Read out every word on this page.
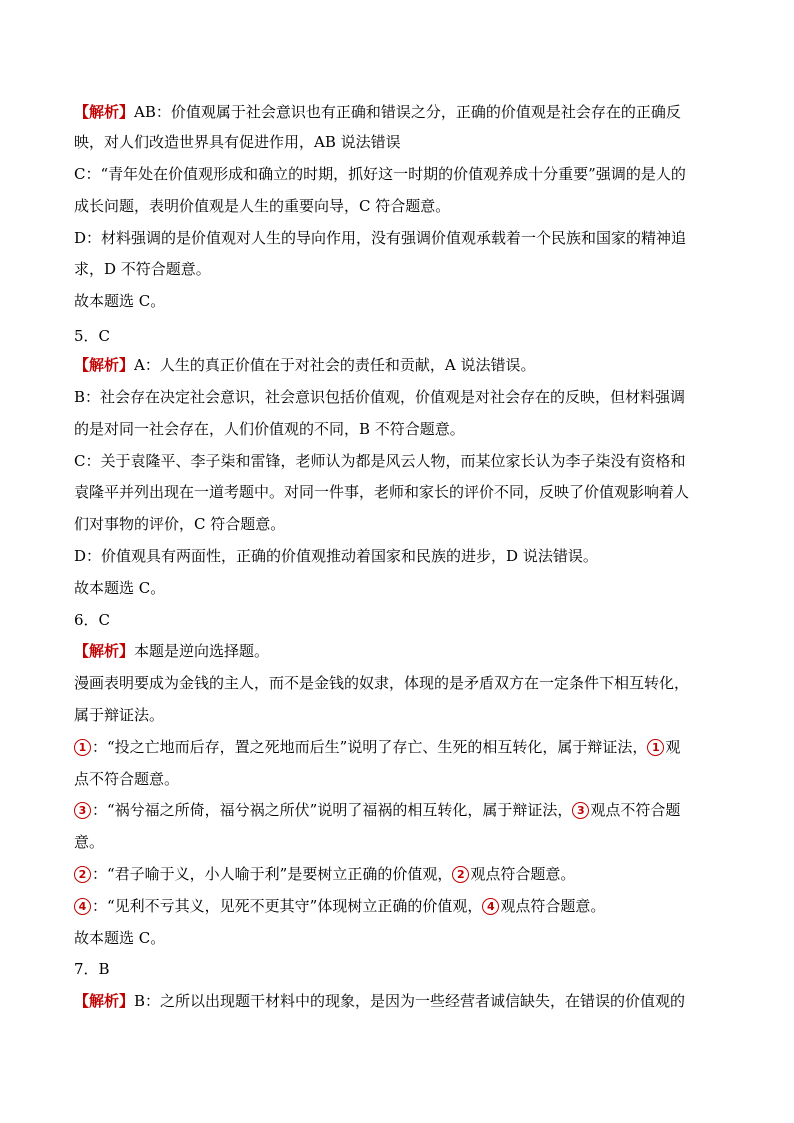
【解析】AB：价值观属于社会意识也有正确和错误之分，正确的价值观是社会存在的正确反
映，对人们改造世界具有促进作用，AB 说法错误
C：“青年处在价值观形成和确立的时期，抓好这一时期的价值观养成十分重要”强调的是人的
成长问题，表明价值观是人生的重要向导，C 符合题意。
D：材料强调的是价值观对人生的导向作用，没有强调价值观承载着一个民族和国家的精神追
求，D 不符合题意。
故本题选 C。
5．C
【解析】A：人生的真正价值在于对社会的责任和贡献，A 说法错误。
B：社会存在决定社会意识，社会意识包括价值观，价值观是对社会存在的反映，但材料强调
的是对同一社会存在，人们价值观的不同，B 不符合题意。
C：关于袁隆平、李子柒和雷锋，老师认为都是风云人物，而某位家长认为李子柒没有资格和
袁隆平并列出现在一道考题中。对同一件事，老师和家长的评价不同，反映了价值观影响着人
们对事物的评价，C 符合题意。
D：价值观具有两面性，正确的价值观推动着国家和民族的进步，D 说法错误。
故本题选 C。
6．C
【解析】本题是逆向选择题。
漫画表明要成为金钱的主人，而不是金钱的奴隶，体现的是矛盾双方在一定条件下相互转化，
属于辩证法。
1 ：“投之亡地而后存，置之死地而后生”说明了存亡、生死的相互转化，属于辩证法， 1 观
点不符合题意。
3 ：“祸兮福之所倚，福兮祸之所伏”说明了福祸的相互转化，属于辩证法， 3 观点不符合题
意。
2 ：“君子喻于义，小人喻于利”是要树立正确的价值观， 2 观点符合题意。
4 ：“见利不亏其义，见死不更其守”体现树立正确的价值观， 4 观点符合题意。
故本题选 C。
7．B
【解析】B：之所以出现题干材料中的现象，是因为一些经营者诚信缺失，在错误的价值观的
